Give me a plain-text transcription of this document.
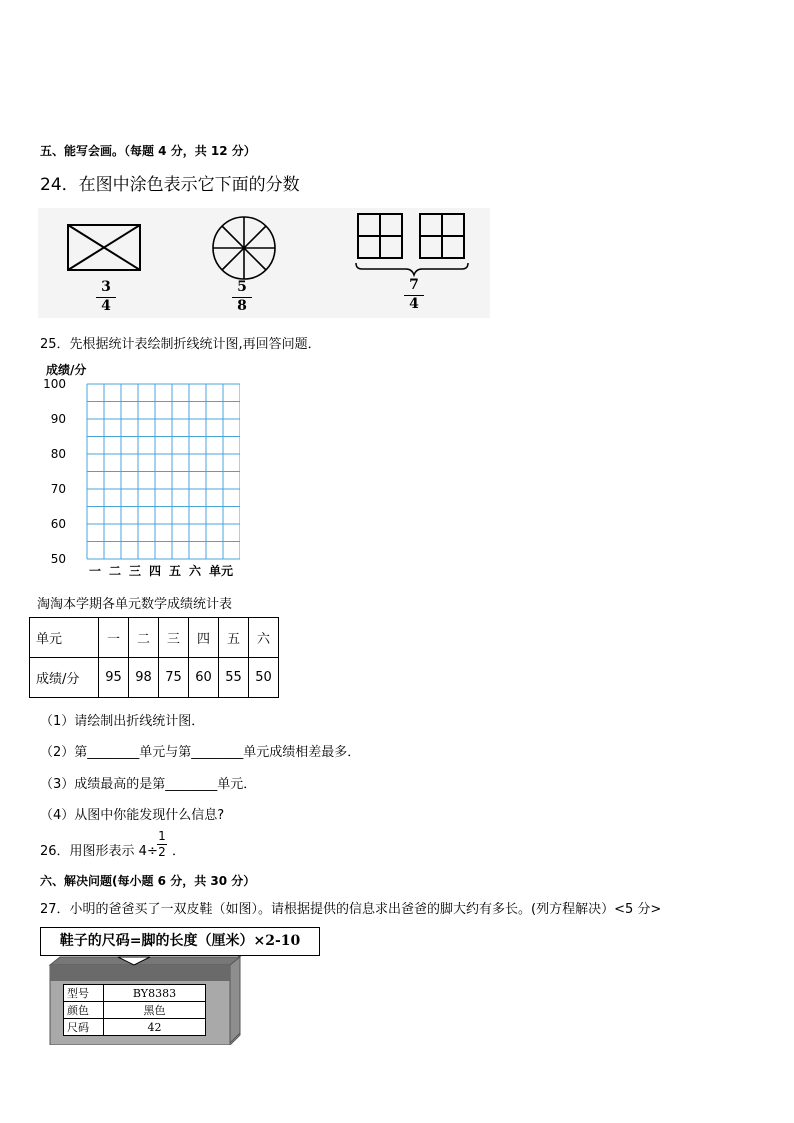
五、能写会画。（每题 4 分，共 12 分）
24．在图中涂色表示它下面的分数
3
4
5
8
7
4
25．先根据统计表绘制折线统计图,再回答问题．
成绩/分
100
90
80
70
60
50
一 二 三 四 五 六 单元
淘淘本学期各单元数学成绩统计表
单元	一	二	三	四	五	六
成绩/分	95	98	75	60	55	50
（1）请绘制出折线统计图．
（2）第________单元与第________单元成绩相差最多．
（3）成绩最高的是第________单元．
（4）从图中你能发现什么信息?
26．用图形表示 4÷
1
2 ．
六、解决问题(每小题 6 分，共 30 分）
27．小明的爸爸买了一双皮鞋（如图）。请根据提供的信息求出爸爸的脚大约有多长。(列方程解决）<5 分>
鞋子的尺码=脚的长度（厘米）×2-10
型号	BY8383
颜色	黑色
尺码	42
